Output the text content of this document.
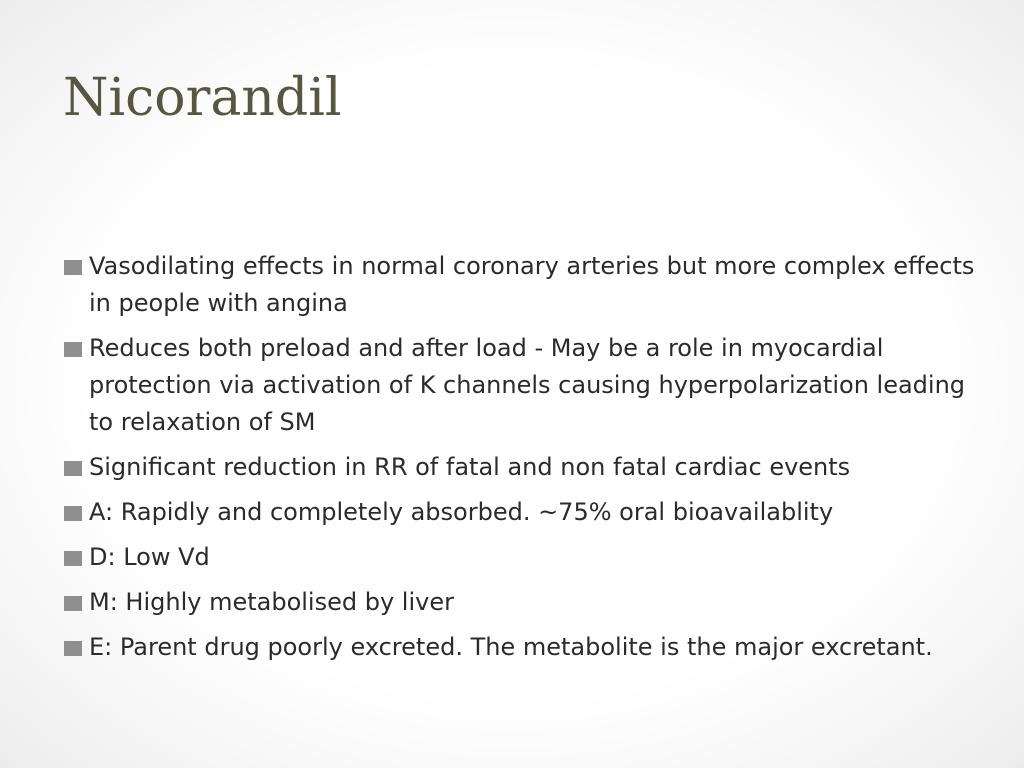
Nicorandil
Vasodilating effects in normal coronary arteries but more complex effects in people with angina
Reduces both preload and after load - May be a role in myocardial protection via activation of K channels causing hyperpolarization leading to relaxation of SM
Significant reduction in RR of fatal and non fatal cardiac events
A: Rapidly and completely absorbed. ~75% oral bioavailablity
D: Low Vd
M: Highly metabolised by liver
E: Parent drug poorly excreted. The metabolite is the major excretant.
